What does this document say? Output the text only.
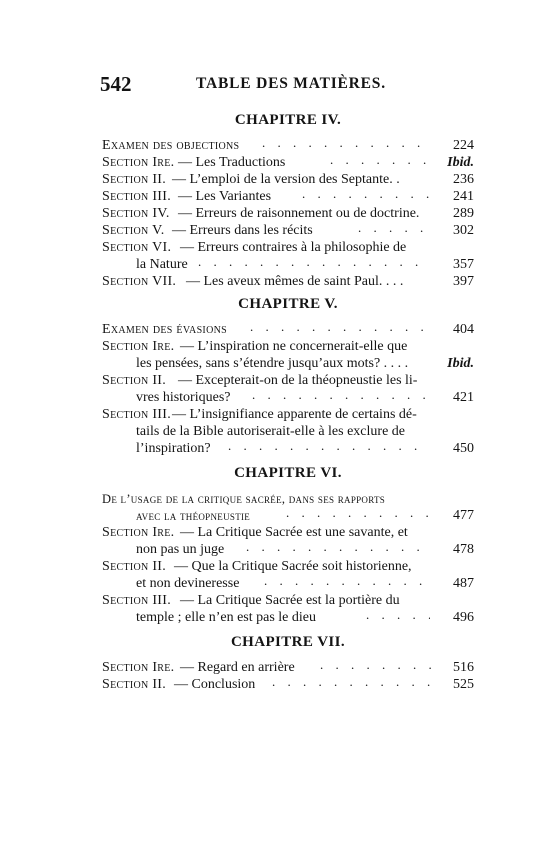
542	TABLE DES MATIÈRES.
CHAPITRE IV.
Examen des objections . . .	224
Section Ire. — Les Traductions . . .	Ibid.
Section II. — L’emploi de la version des Septante. .	236
Section III. — Les Variantes . . .	241
Section IV. — Erreurs de raisonnement ou de doctrine. 289
Section V. — Erreurs dans les récits . . .	302
Section VI. — Erreurs contraires à la philosophie de
la Nature . . .	357
Section VII. — Les aveux mêmes de saint Paul. . . .	397
CHAPITRE V.
Examen des évasions . . .	404
Section Ire. — L’inspiration ne concernerait-elle que
les pensées, sans s’étendre jusqu’aux mots? . . . .	Ibid.
Section II. — Excepterait-on de la théopneustie les li-
vres historiques? . . .	421
Section III. — L’insignifiance apparente de certains dé-
tails de la Bible autoriserait-elle à les exclure de
l’inspiration? . . .	450
CHAPITRE VI.
De l’usage de la critique sacrée, dans ses rapports
avec la théopneustie . . .	477
Section Ire. — La Critique Sacrée est une savante, et
non pas un juge . . .	478
Section II. — Que la Critique Sacrée soit historienne,
et non devineresse . . .	487
Section III. — La Critique Sacrée est la portière du
temple ; elle n’en est pas le dieu . . .	496
CHAPITRE VII.
Section Ire. — Regard en arrière . . .	516
Section II. — Conclusion . . .	525
